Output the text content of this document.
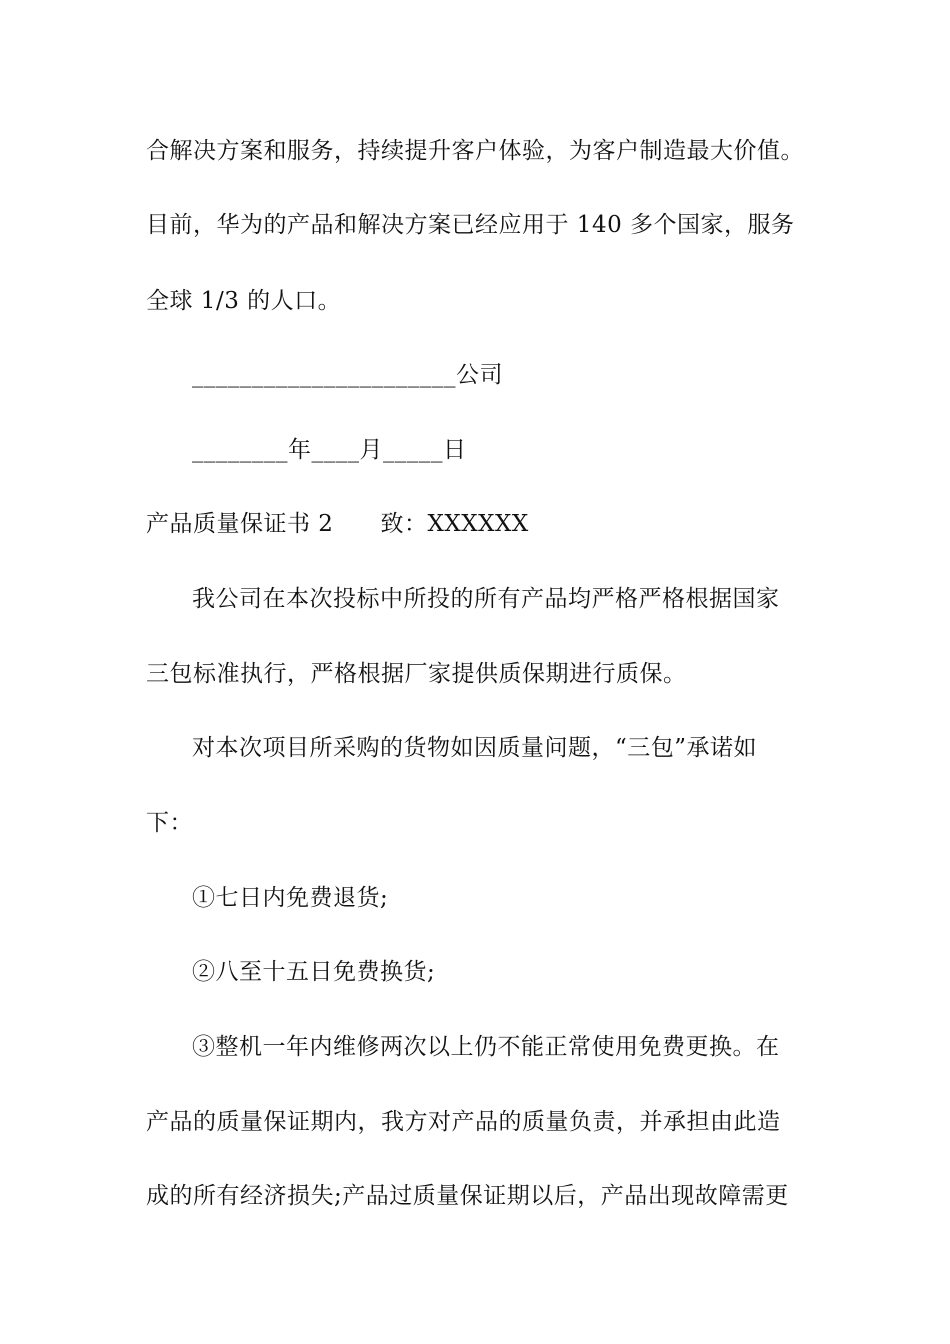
合解决方案和服务，持续提升客户体验，为客户制造最大价值。
目前，华为的产品和解决方案已经应用于 140 多个国家，服务
全球 1/3 的人口。
______________________公司
________年____月_____日
产品质量保证书 2　　致：XXXXXX
我公司在本次投标中所投的所有产品均严格严格根据国家
三包标准执行，严格根据厂家提供质保期进行质保。
对本次项目所采购的货物如因质量问题，“三包”承诺如
下：
①七日内免费退货;
②八至十五日免费换货;
③整机一年内维修两次以上仍不能正常使用免费更换。在
产品的质量保证期内，我方对产品的质量负责，并承担由此造
成的所有经济损失;产品过质量保证期以后，产品出现故障需更
